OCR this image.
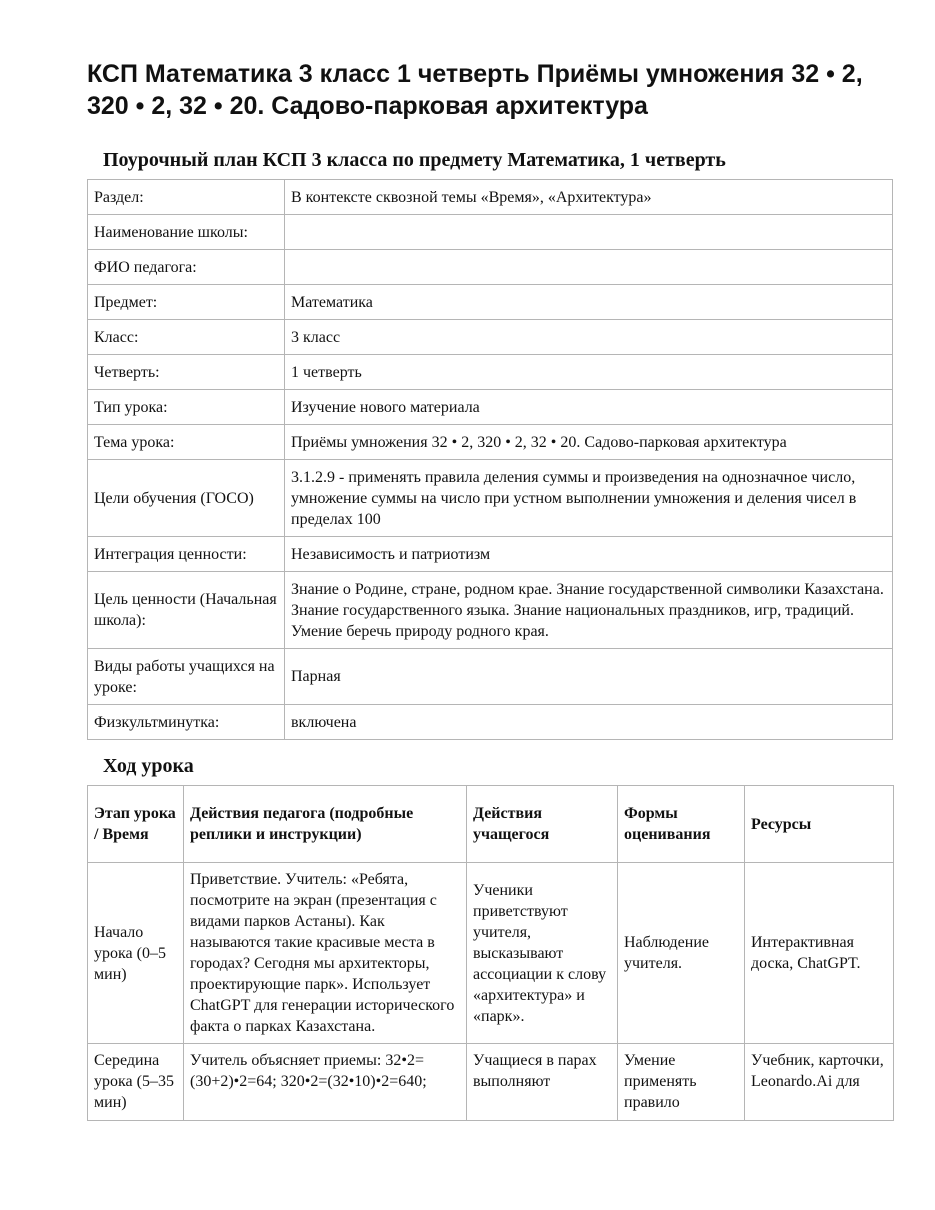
КСП Математика 3 класс 1 четверть Приёмы умножения 32 • 2, 320 • 2, 32 • 20. Садово-парковая архитектура
Поурочный план КСП 3 класса по предмету Математика, 1 четверть
Раздел:	В контексте сквозной темы «Время», «Архитектура»
Наименование школы:	
ФИО педагога:	
Предмет:	Математика
Класс:	3 класс
Четверть:	1 четверть
Тип урока:	Изучение нового материала
Тема урока:	Приёмы умножения 32 • 2, 320 • 2, 32 • 20. Садово-парковая архитектура
Цели обучения (ГОСО)	3.1.2.9 - применять правила деления суммы и произведения на однозначное число, умножение суммы на число при устном выполнении умножения и деления чисел в пределах 100
Интеграция ценности:	Независимость и патриотизм
Цель ценности (Начальная школа):	Знание о Родине, стране, родном крае. Знание государственной символики Казахстана. Знание государственного языка. Знание национальных праздников, игр, традиций. Умение беречь природу родного края.
Виды работы учащихся на уроке:	Парная
Физкультминутка:	включена
Ход урока
Этап урока / Время	Действия педагога (подробные реплики и инструкции)	Действия учащегося	Формы оценивания	Ресурсы
Начало урока (0–5 мин)	Приветствие. Учитель: «Ребята, посмотрите на экран (презентация с видами парков Астаны). Как называются такие красивые места в городах? Сегодня мы архитекторы, проектирующие парк». Использует ChatGPT для генерации исторического факта о парках Казахстана.	Ученики приветствуют учителя, высказывают ассоциации к слову «архитектура» и «парк».	Наблюдение учителя.	Интерактивная доска, ChatGPT.

Середина урока (5–35 мин)	Учитель объясняет приемы: 32•2=(30+2)•2=64; 320•2=(32•10)•2=640;	Учащиеся в парах выполняют	Умение применять правило	Учебник, карточки, Leonardo.Ai для
